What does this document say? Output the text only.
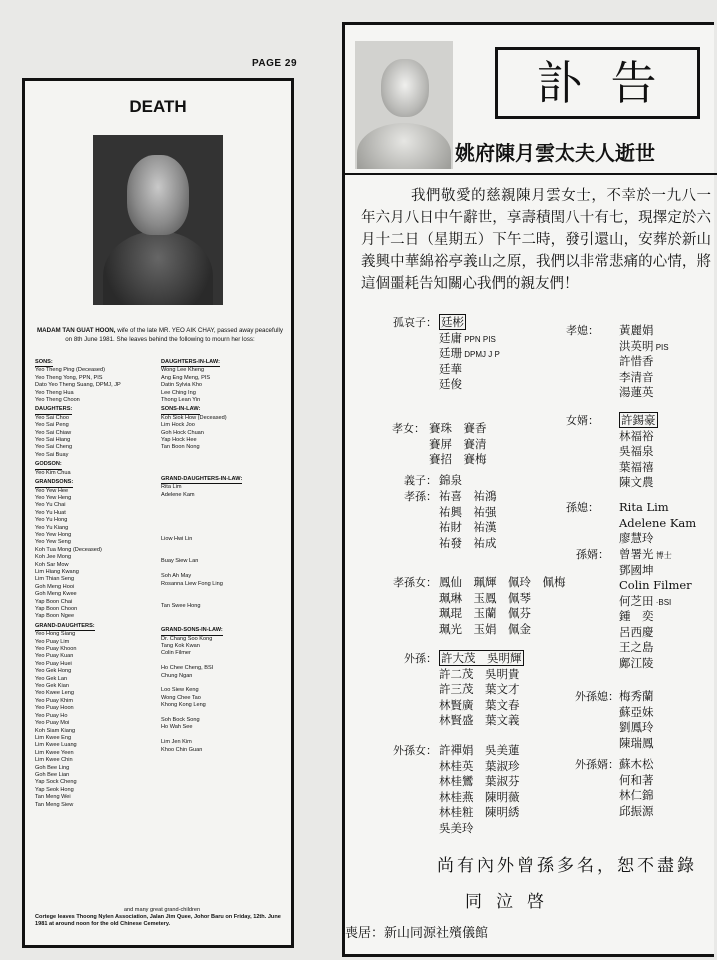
PAGE 29
DEATH
MADAM TAN GUAT HOON, wife of the late MR. YEO AIK CHAY, passed away peacefully on 8th June 1981. She leaves behind the following to mourn her loss:
SONS:

Yeo Theng Ping (Deceased)
Yeo Theng Yong, PPN, PIS
Dato Yeo Theng Suang, DPMJ, JP
Yeo Theng Hua
Yeo Theng Choon
DAUGHTERS:

Yeo Sai Choo
Yeo Sai Peng
Yeo Sai Chiaw
Yeo Sai Hiang
Yeo Sai Cheng
Yeo Sai Buay
GODSON:

Yeo Kim Chua
GRANDSONS:

Yeo Yew Hee
Yeo Yew Heng
Yeo Yu Chai
Yeo Yu Huat
Yeo Yu Hong
Yeo Yu Kiang
Yeo Yew Hong
Yeo Yew Seng
Koh Tua Mong (Deceased)
Koh Jee Mong
Koh Sar Mow
Lim Hiang Kwang
Lim Thian Seng
Goh Meng Hooi
Goh Meng Kwee
Yap Boon Chai
Yap Boon Choon
Yap Boon Ngee
GRAND-DAUGHTERS:

Yeo Hong Siang
Yeo Puay Lim
Yeo Puay Khoon
Yeo Puay Kuan
Yeo Puay Huei
Yeo Gek Hong
Yeo Gek Lan
Yeo Gek Kian
Yeo Kwee Leng
Yeo Puay Khim
Yeo Puay Hoon
Yeo Puay Ho
Yeo Puay Moi
Koh Siam Kiang
Lim Kwee Eng
Lim Kwee Luang
Lim Kwee Yeen
Lim Kwee Chin
Goh Bee Ling
Goh Bee Lian
Yap Sock Cheng
Yap Seok Hong
Tan Meng Wei
Tan Meng Siew
DAUGHTERS-IN-LAW:

Wong Lee Kheng
Ang Eng Meng, PIS
Datin Sylvia Kho
Lee Ching Ing
Thong Lean Yin
SONS-IN-LAW:

Koh Siok How (Deceased)
Lim Hock Joo
Goh Hock Chuan
Yap Hock Hee
Tan Boon Nong
GRAND-DAUGHTERS-IN-LAW:

Rita Lim
Adelene Kam
Liow Hwi Lin
Buay Siew Lan
Soh Ah May
Rosanna Liew Fong Ling
Tan Swee Hong
GRAND-SONS-IN-LAW:

Dr. Chang Soo Kong
Tang Kok Kwan
Colin Filmer
Ho Chee Cheng, BSI
Chung Ngan
Loo Siew Keng
Wong Chee Tao
Khong Kong Leng
Soh Bock Song
Ho Wah See
Lim Jen Kim
Khoo Chin Guan
and many great grand-children
Cortege leaves Thoong Nylen Association, Jalan Jim Quee, Johor Baru on Friday, 12th. June 1981 at around noon for the old Chinese Cemetery.
訃告
姚府陳月雲太夫人逝世
我們敬愛的慈親陳月雲女士，不幸於一九八一年六月八日中午辭世，享壽積閏八十有七，現擇定於六月十二日（星期五）下午二時，發引還山，安葬於新山義興中華綿裕亭義山之原，我們以非常悲痛的心情，將這個噩耗告知關心我們的親友們！
孤哀子： 廷彬
廷庸 PPN PIS
廷珊 DPMJ J P
廷華
廷俊
孝媳： 黃麗娟
洪英明 PIS
許惜香
李清音
湯蓮英
孝女： 賽珠　賽香
賽屏　賽清
賽招　賽梅
女婿： 許錫豪
林福裕
吳福泉
葉福禧
陳文農
義子： 錦泉
孝孫： 祐喜　祐鴻
祐興　祐强
祐財　祐漢
祐發　祐成
孫媳： Rita Lim
Adelene Kam
廖慧玲
孫婿： 曾署光 博士
鄧國坤
Colin Filmer
何芝田 ·BSI
鍾　奕
呂西慶
王之島
鄺江陵
孝孫女： 鳳仙　珮輝　佩玲　佩梅
珮琳　玉鳳　佩琴
珮琨　玉蘭　佩芬
珮光　玉娟　佩金
外孫： 許大茂　吳明輝
許二茂　吳明貴
許三茂　葉文才
林賢廣　葉文春
林賢盛　葉文義
外孫媳： 梅秀蘭
蘇亞妹
劉鳳玲
陳瑞鳳
外孫女： 許禪娟　吳美蓮
林桂英　葉淑珍
林桂鸞　葉淑芬
林桂燕　陳明薇
林桂粧　陳明綉
吳美玲
外孫婿： 蘇木松
何和著
林仁錦
邱振源
尚有內外曾孫多名，恕不盡錄
同泣啓
喪居：新山同源社殯儀館
